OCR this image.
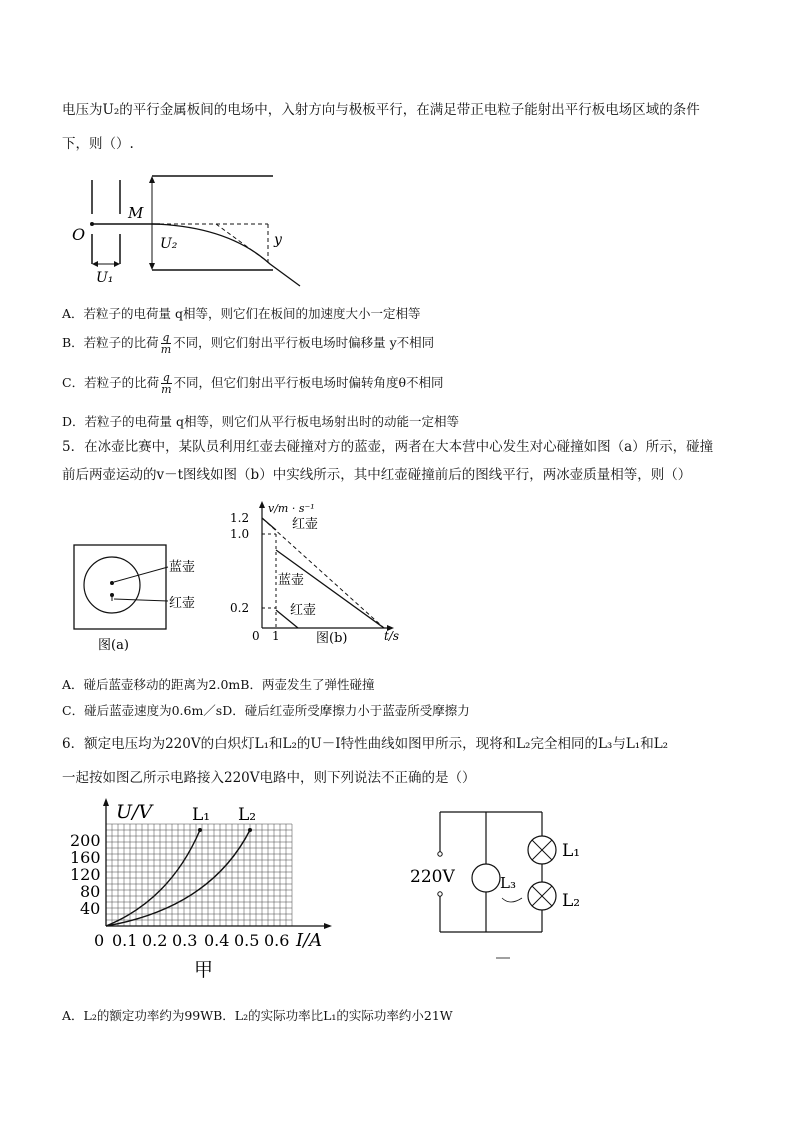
电压为U₂的平行金属板间的电场中，入射方向与极板平行，在满足带正电粒子能射出平行板电场区域的条件
下，则（）.
O
M
U₂
U₁
y
A．若粒子的电荷量 q相等，则它们在板间的加速度大小一定相等
B．若粒子的比荷 $\frac{q}{m}$ 不同，则它们射出平行板电场时偏移量 y不相同
C．若粒子的比荷 $\frac{q}{m}$ 不同，但它们射出平行板电场时偏转角度θ不相同
D．若粒子的电荷量 q相等，则它们从平行板电场射出时的动能一定相等
5．在冰壶比赛中，某队员利用红壶去碰撞对方的蓝壶，两者在大本营中心发生对心碰撞如图（a）所示，碰撞
前后两壶运动的v－t图线如图（b）中实线所示，其中红壶碰撞前后的图线平行，两冰壶质量相等，则（）
蓝壶
红壶
图(a)
1.2
1.0
0.2
0 1
v/m · s⁻¹
t/s
红壶
蓝壶
红壶
图(b)
A．碰后蓝壶移动的距离为2.0mB．两壶发生了弹性碰撞
C．碰后蓝壶速度为0.6m／sD．碰后红壶所受摩擦力小于蓝壶所受摩擦力
6．额定电压均为220V的白炽灯L₁和L₂的U－I特性曲线如图甲所示，现将和L₂完全相同的L₃与L₁和L₂
一起按如图乙所示电路接入220V电路中，则下列说法不正确的是（）
U/V L₁ L₂
200
160
120
80
40
0 0.1 0.2 0.3 0.4 0.5 0.6 I/A
甲
220V	L₃
L₁
L₂
A．L₂的额定功率约为99WB．L₂的实际功率比L₁的实际功率约小21W
